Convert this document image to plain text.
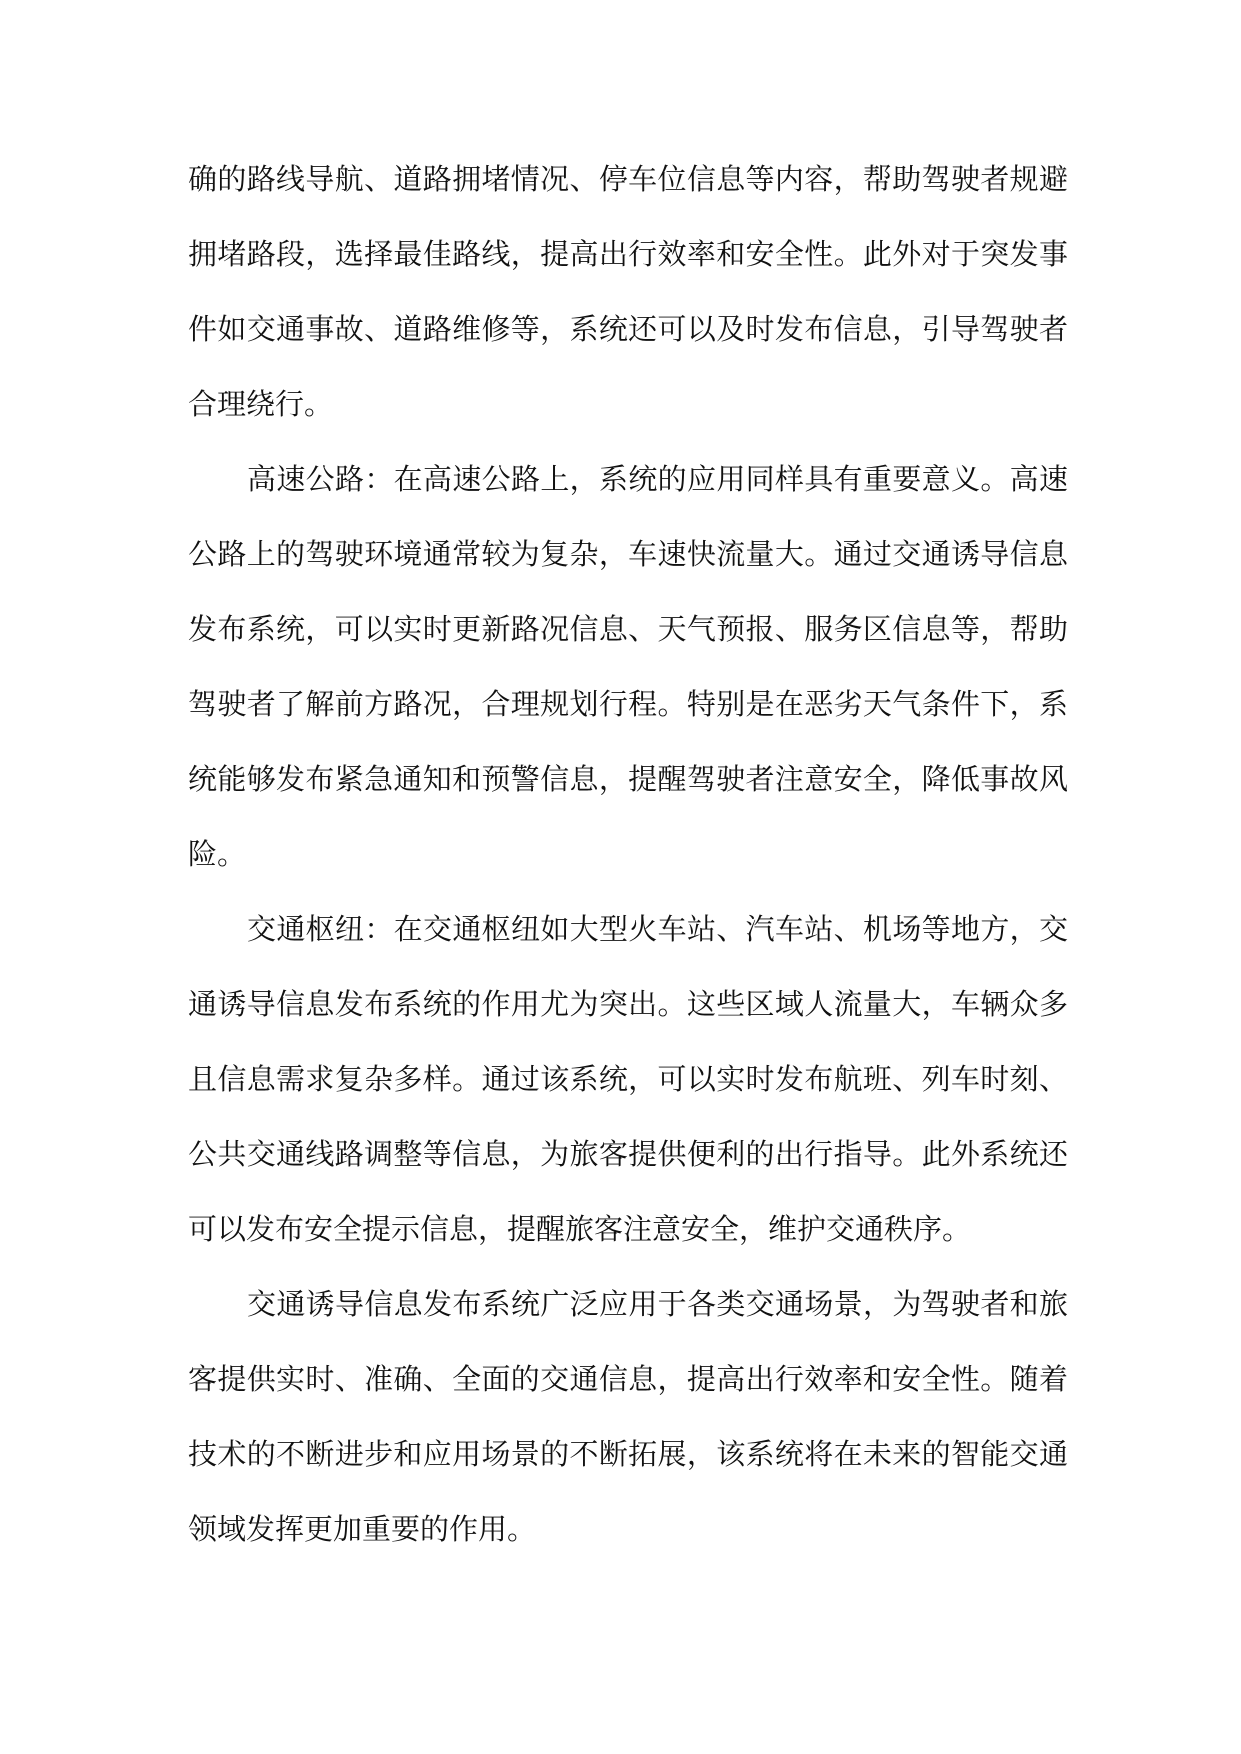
确的路线导航、道路拥堵情况、停车位信息等内容，帮助驾驶者规避
拥堵路段，选择最佳路线，提高出行效率和安全性。此外对于突发事
件如交通事故、道路维修等，系统还可以及时发布信息，引导驾驶者
合理绕行。
高速公路：在高速公路上，系统的应用同样具有重要意义。高速
公路上的驾驶环境通常较为复杂，车速快流量大。通过交通诱导信息
发布系统，可以实时更新路况信息、天气预报、服务区信息等，帮助
驾驶者了解前方路况，合理规划行程。特别是在恶劣天气条件下，系
统能够发布紧急通知和预警信息，提醒驾驶者注意安全，降低事故风
险。
交通枢纽：在交通枢纽如大型火车站、汽车站、机场等地方，交
通诱导信息发布系统的作用尤为突出。这些区域人流量大，车辆众多
且信息需求复杂多样。通过该系统，可以实时发布航班、列车时刻、
公共交通线路调整等信息，为旅客提供便利的出行指导。此外系统还
可以发布安全提示信息，提醒旅客注意安全，维护交通秩序。
交通诱导信息发布系统广泛应用于各类交通场景，为驾驶者和旅
客提供实时、准确、全面的交通信息，提高出行效率和安全性。随着
技术的不断进步和应用场景的不断拓展，该系统将在未来的智能交通
领域发挥更加重要的作用。
